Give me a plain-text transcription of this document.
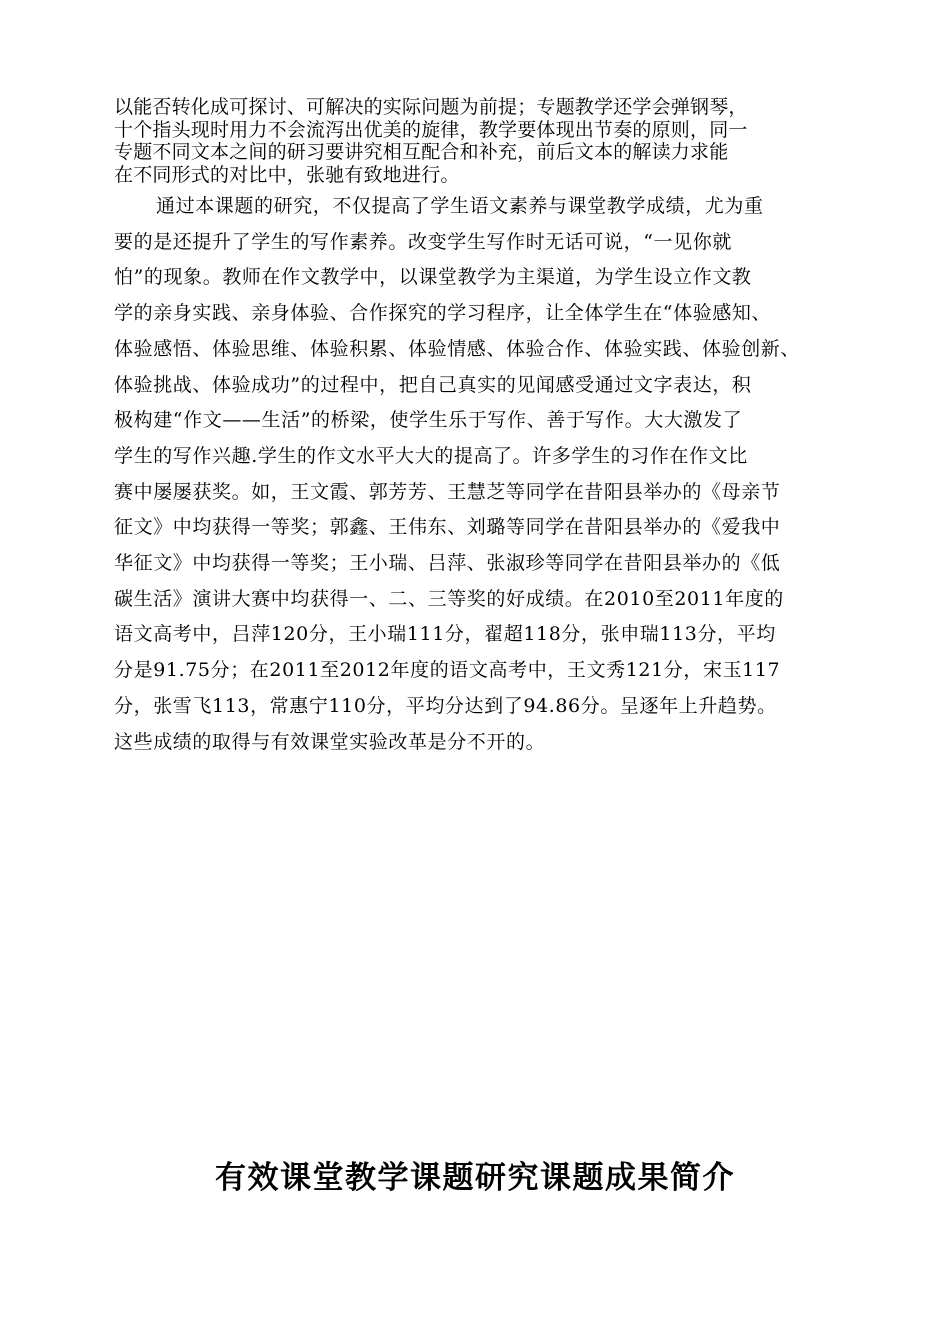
以能否转化成可探讨、可解决的实际问题为前提；专题教学还学会弹钢琴，
十个指头现时用力不会流泻出优美的旋律，教学要体现出节奏的原则，同一
专题不同文本之间的研习要讲究相互配合和补充，前后文本的解读力求能
在不同形式的对比中，张驰有致地进行。
通过本课题的研究，不仅提高了学生语文素养与课堂教学成绩，尤为重
要的是还提升了学生的写作素养。改变学生写作时无话可说，“一见你就
怕”的现象。教师在作文教学中，以课堂教学为主渠道，为学生设立作文教
学的亲身实践、亲身体验、合作探究的学习程序，让全体学生在“体验感知、
体验感悟、体验思维、体验积累、体验情感、体验合作、体验实践、体验创新、
体验挑战、体验成功”的过程中，把自己真实的见闻感受通过文字表达，积
极构建“作文——生活”的桥梁，使学生乐于写作、善于写作。大大激发了
学生的写作兴趣.学生的作文水平大大的提高了。许多学生的习作在作文比
赛中屡屡获奖。如，王文霞、郭芳芳、王慧芝等同学在昔阳县举办的《母亲节
征文》中均获得一等奖；郭鑫、王伟东、刘璐等同学在昔阳县举办的《爱我中
华征文》中均获得一等奖；王小瑞、吕萍、张淑珍等同学在昔阳县举办的《低
碳生活》演讲大赛中均获得一、二、三等奖的好成绩。在2010至2011年度的
语文高考中，吕萍120分，王小瑞111分，翟超118分，张申瑞113分，平均
分是91.75分；在2011至2012年度的语文高考中，王文秀121分，宋玉117
分，张雪飞113，常惠宁110分，平均分达到了94.86分。呈逐年上升趋势。
这些成绩的取得与有效课堂实验改革是分不开的。
有效课堂教学课题研究课题成果简介
